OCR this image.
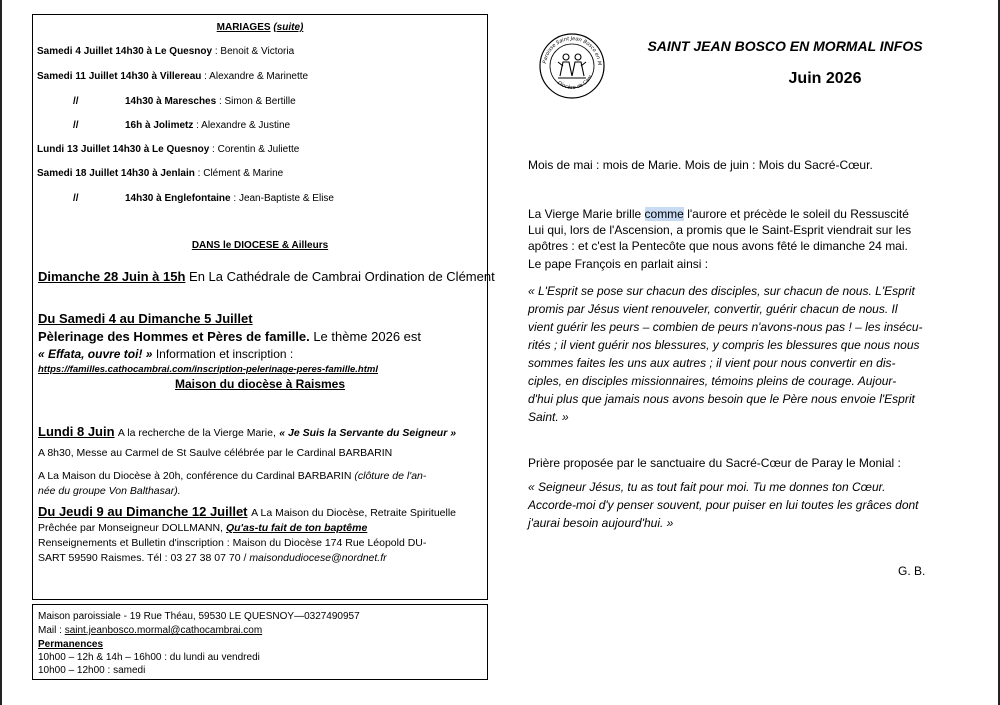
MARIAGES (suite)
Samedi 4 Juillet 14h30 à Le Quesnoy : Benoit & Victoria
Samedi 11 Juillet 14h30 à Villereau : Alexandre & Marinette
//	14h30 à Maresches : Simon & Bertille
//	16h à Jolimetz : Alexandre & Justine
Lundi 13 Juillet 14h30 à Le Quesnoy : Corentin & Juliette
Samedi 18 Juillet 14h30 à Jenlain : Clément & Marine
//	14h30 à Englefontaine : Jean-Baptiste & Elise
DANS le DIOCESE & Ailleurs
Dimanche 28 Juin à 15h En La Cathédrale de Cambrai Ordination de Clément
Du Samedi 4 au Dimanche 5 Juillet
Pèlerinage des Hommes et Pères de famille. Le thème 2026 est
« Effata, ouvre toi! » Information et inscription :
https://familles.cathocambrai.com/inscription-pelerinage-peres-famille.html
Maison du diocèse à Raismes
Lundi 8 Juin A la recherche de la Vierge Marie, « Je Suis la Servante du Seigneur »
A 8h30, Messe au Carmel de St Saulve célébrée par le Cardinal BARBARIN
A La Maison du Diocèse à 20h, conférence du Cardinal BARBARIN (clôture de l'an-
née du groupe Von Balthasar).
Du Jeudi 9 au Dimanche 12 Juillet A La Maison du Diocèse, Retraite Spirituelle
Prêchée par Monseigneur DOLLMANN, Qu'as-tu fait de ton baptême
Renseignements et Bulletin d'inscription : Maison du Diocèse 174 Rue Léopold DU-
SART 59590 Raismes. Tél : 03 27 38 07 70 / maisondudiocese@nordnet.fr
Maison paroissiale - 19 Rue Théau, 59530 LE QUESNOY—0327490957
Mail : saint.jeanbosco.mormal@cathocambrai.com
Permanences
10h00 – 12h & 14h – 16h00 : du lundi au vendredi
10h00 – 12h00 : samedi
Paroisse Saint Jean Bosco en M
Diocèse de Cam
SAINT JEAN BOSCO EN MORMAL INFOS
Juin 2026
Mois de mai : mois de Marie. Mois de juin : Mois du Sacré-Cœur.
La Vierge Marie brille comme l'aurore et précède le soleil du Ressuscité
Lui qui, lors de l'Ascension, a promis que le Saint-Esprit viendrait sur les
apôtres : et c'est la Pentecôte que nous avons fêté le dimanche 24 mai.
Le pape François en parlait ainsi :
« L'Esprit se pose sur chacun des disciples, sur chacun de nous. L'Esprit
promis par Jésus vient renouveler, convertir, guérir chacun de nous. Il
vient guérir les peurs – combien de peurs n'avons-nous pas ! – les insécu-
rités ; il vient guérir nos blessures, y compris les blessures que nous nous
sommes faites les uns aux autres ; il vient pour nous convertir en dis-
ciples, en disciples missionnaires, témoins pleins de courage. Aujour-
d'hui plus que jamais nous avons besoin que le Père nous envoie l'Esprit
Saint. »
Prière proposée par le sanctuaire du Sacré-Cœur de Paray le Monial :
« Seigneur Jésus, tu as tout fait pour moi. Tu me donnes ton Cœur.
Accorde-moi d'y penser souvent, pour puiser en lui toutes les grâces dont
j'aurai besoin aujourd'hui. »
G. B.
